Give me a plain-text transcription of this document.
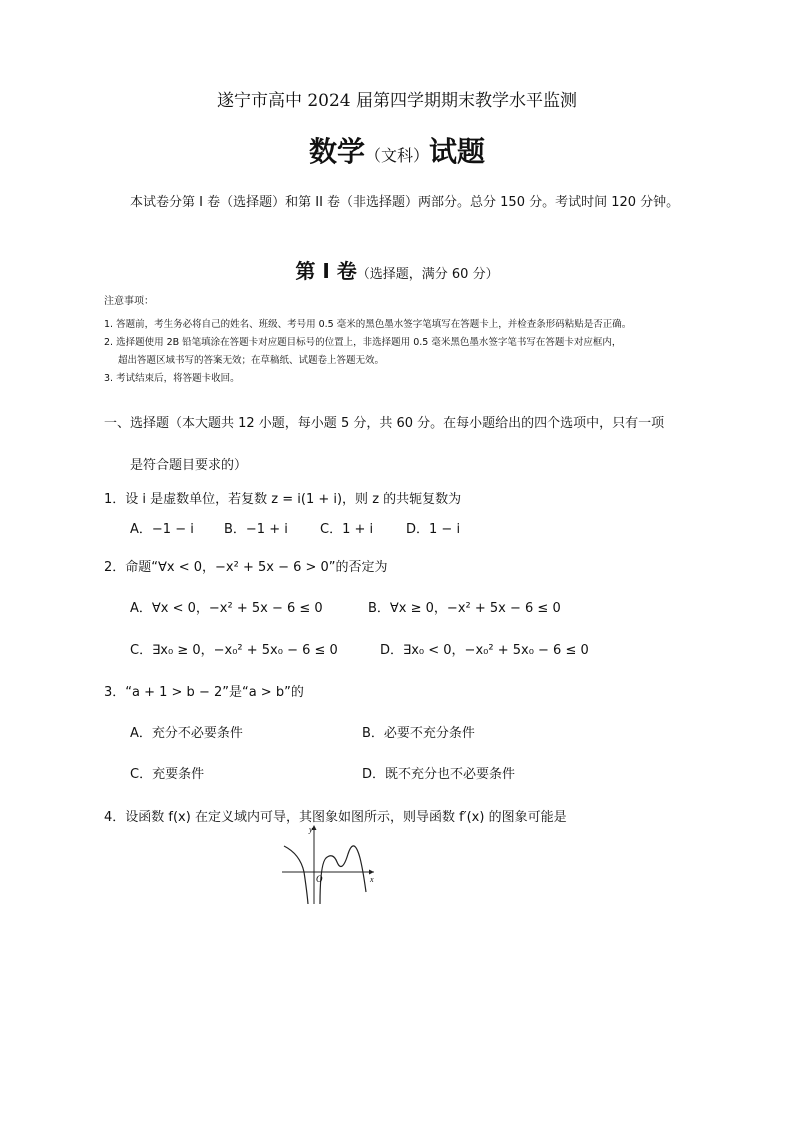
遂宁市高中 2024 届第四学期期末教学水平监测
数学（文科）试题
本试卷分第 I 卷（选择题）和第 II 卷（非选择题）两部分。总分 150 分。考试时间 120 分钟。
第 Ⅰ 卷（选择题，满分 60 分）
注意事项：
1. 答题前，考生务必将自己的姓名、班级、考号用 0.5 毫米的黑色墨水签字笔填写在答题卡上，并检查条形码粘贴是否正确。
2. 选择题使用 2B 铅笔填涂在答题卡对应题目标号的位置上，非选择题用 0.5 毫米黑色墨水签字笔书写在答题卡对应框内，
超出答题区域书写的答案无效；在草稿纸、试题卷上答题无效。
3. 考试结束后，将答题卡收回。
一、选择题（本大题共 12 小题，每小题 5 分，共 60 分。在每小题给出的四个选项中，只有一项
是符合题目要求的）
1．设 i 是虚数单位，若复数 z = i(1 + i)，则 z 的共轭复数为
A．−1 − i B．−1 + i C．1 + i	D．1 − i
2．命题“∀x < 0，−x² + 5x − 6 > 0”的否定为
A．∀x < 0，−x² + 5x − 6 ≤ 0	B．∀x ≥ 0，−x² + 5x − 6 ≤ 0
C．∃x₀ ≥ 0，−x₀² + 5x₀ − 6 ≤ 0	D．∃x₀ < 0，−x₀² + 5x₀ − 6 ≤ 0
3．“a + 1 > b − 2”是“a > b”的
A．充分不必要条件	B．必要不充分条件
C．充要条件	D．既不充分也不必要条件
4．设函数 f(x) 在定义域内可导，其图象如图所示，则导函数 f′(x) 的图象可能是
y
x
O
